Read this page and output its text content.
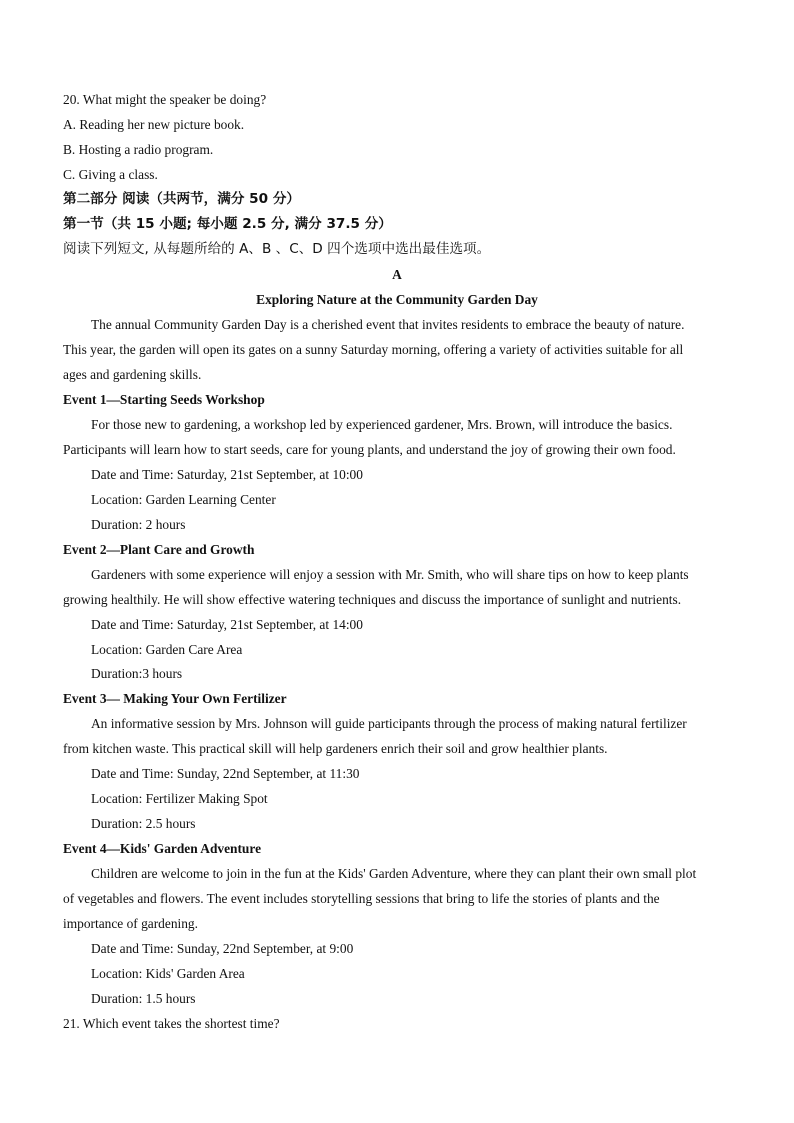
20. What might the speaker be doing?
A. Reading her new picture book.
B. Hosting a radio program.
C. Giving a class.
第二部分 阅读（共两节，满分 50 分）
第一节（共 15 小题; 每小题 2.5 分, 满分 37.5 分）
阅读下列短文, 从每题所给的 A、B 、C、D 四个选项中选出最佳选项。
A
Exploring Nature at the Community Garden Day
The annual Community Garden Day is a cherished event that invites residents to embrace the beauty of nature.
This year, the garden will open its gates on a sunny Saturday morning, offering a variety of activities suitable for all
ages and gardening skills.
Event 1—Starting Seeds Workshop
For those new to gardening, a workshop led by experienced gardener, Mrs. Brown, will introduce the basics.
Participants will learn how to start seeds, care for young plants, and understand the joy of growing their own food.
Date and Time: Saturday, 21st September, at 10:00
Location: Garden Learning Center
Duration: 2 hours
Event 2—Plant Care and Growth
Gardeners with some experience will enjoy a session with Mr. Smith, who will share tips on how to keep plants
growing healthily. He will show effective watering techniques and discuss the importance of sunlight and nutrients.
Date and Time: Saturday, 21st September, at 14:00
Location: Garden Care Area
Duration:3 hours
Event 3— Making Your Own Fertilizer
An informative session by Mrs. Johnson will guide participants through the process of making natural fertilizer
from kitchen waste. This practical skill will help gardeners enrich their soil and grow healthier plants.
Date and Time: Sunday, 22nd September, at 11:30
Location: Fertilizer Making Spot
Duration: 2.5 hours
Event 4—Kids' Garden Adventure
Children are welcome to join in the fun at the Kids' Garden Adventure, where they can plant their own small plot
of vegetables and flowers. The event includes storytelling sessions that bring to life the stories of plants and the
importance of gardening.
Date and Time: Sunday, 22nd September, at 9:00
Location: Kids' Garden Area
Duration: 1.5 hours
21. Which event takes the shortest time?
